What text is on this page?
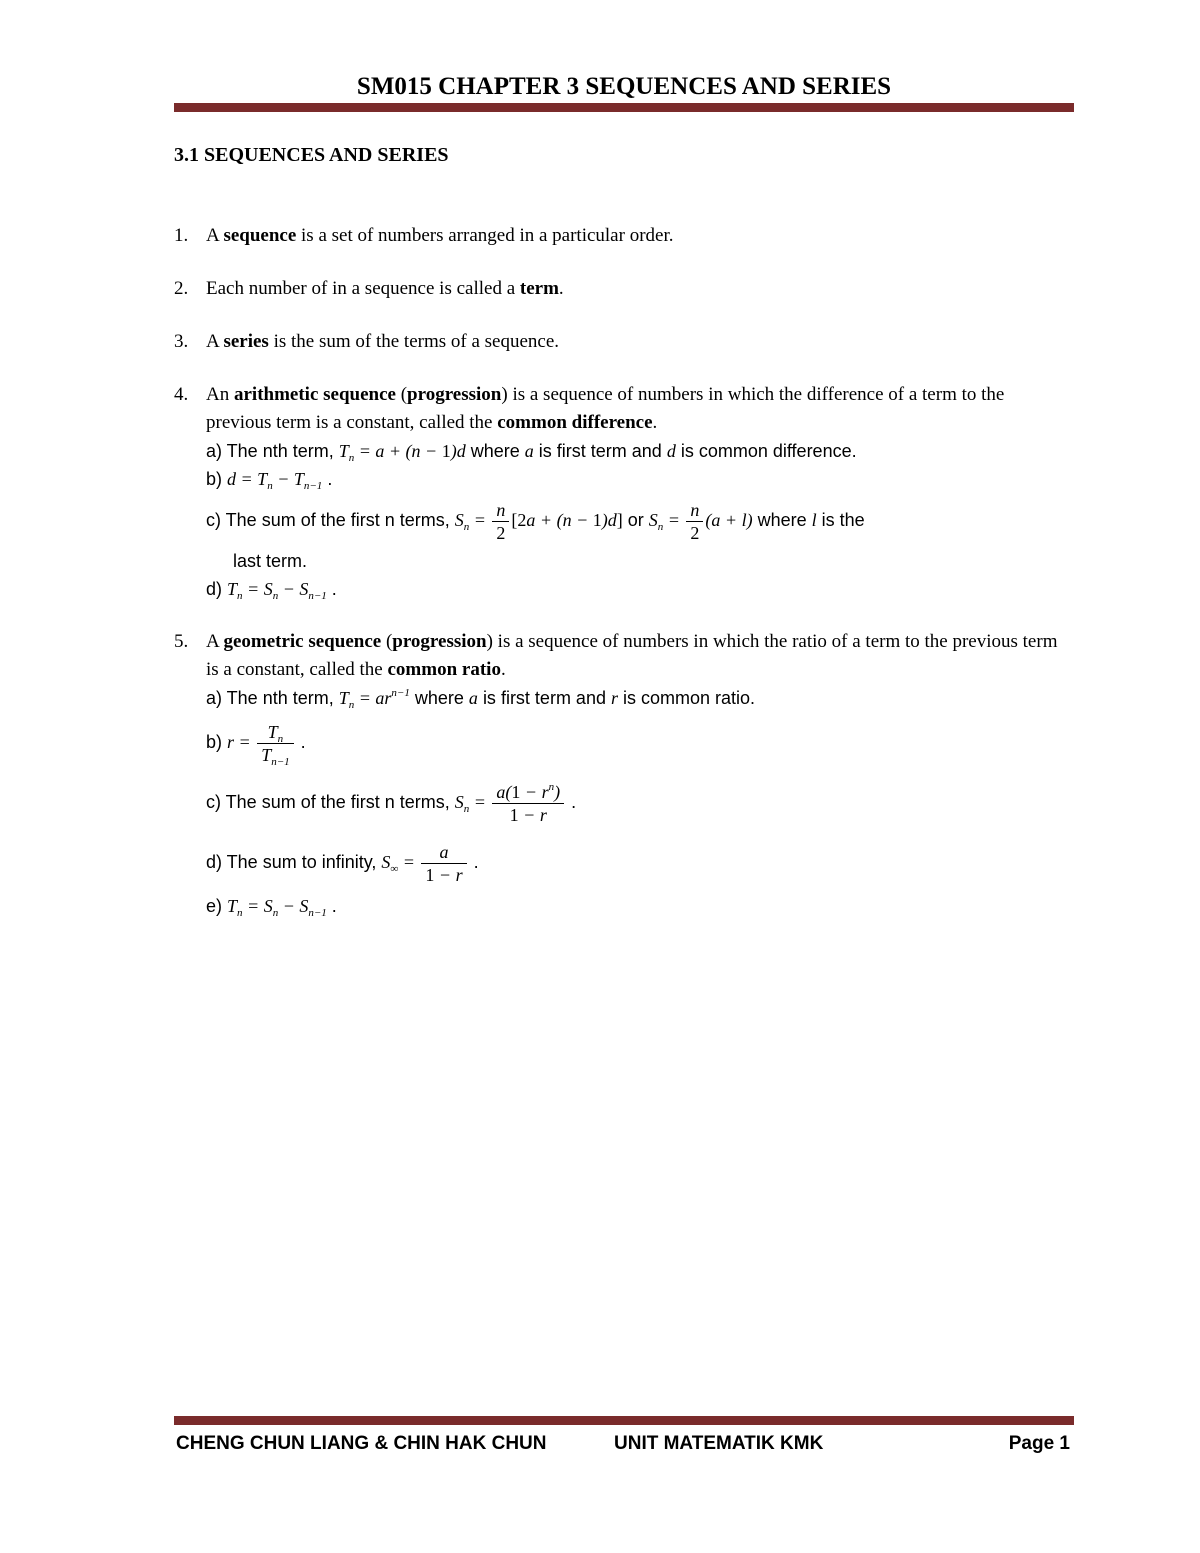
SM015 CHAPTER 3 SEQUENCES AND SERIES
3.1 SEQUENCES AND SERIES
1. A sequence is a set of numbers arranged in a particular order.
2. Each number of in a sequence is called a term.
3. A series is the sum of the terms of a sequence.
4. An arithmetic sequence (progression) is a sequence of numbers in which the difference of a term to the previous term is a constant, called the common difference.
a) The nth term, $T_n = a + (n - 1)d$ where a is first term and d is common difference.
b) $d = T_n - T_{n-1}$ .
c) The sum of the first n terms, $S_n = \frac{n}{2} [2a + (n - 1)d]$ or $S_n = \frac{n}{2} (a + l)$ where l is the
last term.
d) $T_n = S_n - S_{n-1}$ .
5. A geometric sequence (progression) is a sequence of numbers in which the ratio of a term to the previous term is a constant, called the common ratio.
a) The nth term, $T_n = ar^{n-1}$ where a is first term and r is common ratio.
b) $r = \frac{T_n}{T_{n-1}}$ .
c) The sum of the first n terms, $S_n = \frac{a(1 - r^n)}{1 - r}$ .
d) The sum to infinity, $S_\infty = \frac{a}{1 - r}$ .
e) $T_n = S_n - S_{n-1}$ .
CHENG CHUN LIANG & CHIN HAK CHUN	UNIT MATEMATIK KMK	Page 1
